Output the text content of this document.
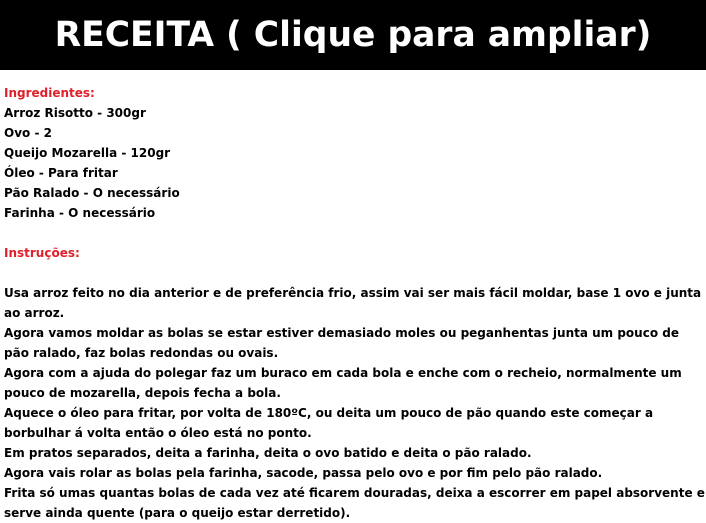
RECEITA ( Clique para ampliar)
Ingredientes:
Arroz Risotto - 300gr
Ovo - 2
Queijo Mozarella - 120gr
Óleo - Para fritar
Pão Ralado - O necessário
Farinha - O necessário
Instruções:
Usa arroz feito no dia anterior e de preferência frio, assim vai ser mais fácil moldar, base 1 ovo e junta ao arroz.
Agora vamos moldar as bolas se estar estiver demasiado moles ou peganhentas junta um pouco de pão ralado, faz bolas redondas ou ovais.
Agora com a ajuda do polegar faz um buraco em cada bola e enche com o recheio, normalmente um pouco de mozarella, depois fecha a bola.
Aquece o óleo para fritar, por volta de 180ºC, ou deita um pouco de pão quando este começar a borbulhar á volta então o óleo está no ponto.
Em pratos separados, deita a farinha, deita o ovo batido e deita o pão ralado.
Agora vais rolar as bolas pela farinha, sacode, passa pelo ovo e por fim pelo pão ralado.
Frita só umas quantas bolas de cada vez até ficarem douradas, deixa a escorrer em papel absorvente e serve ainda quente (para o queijo estar derretido).
